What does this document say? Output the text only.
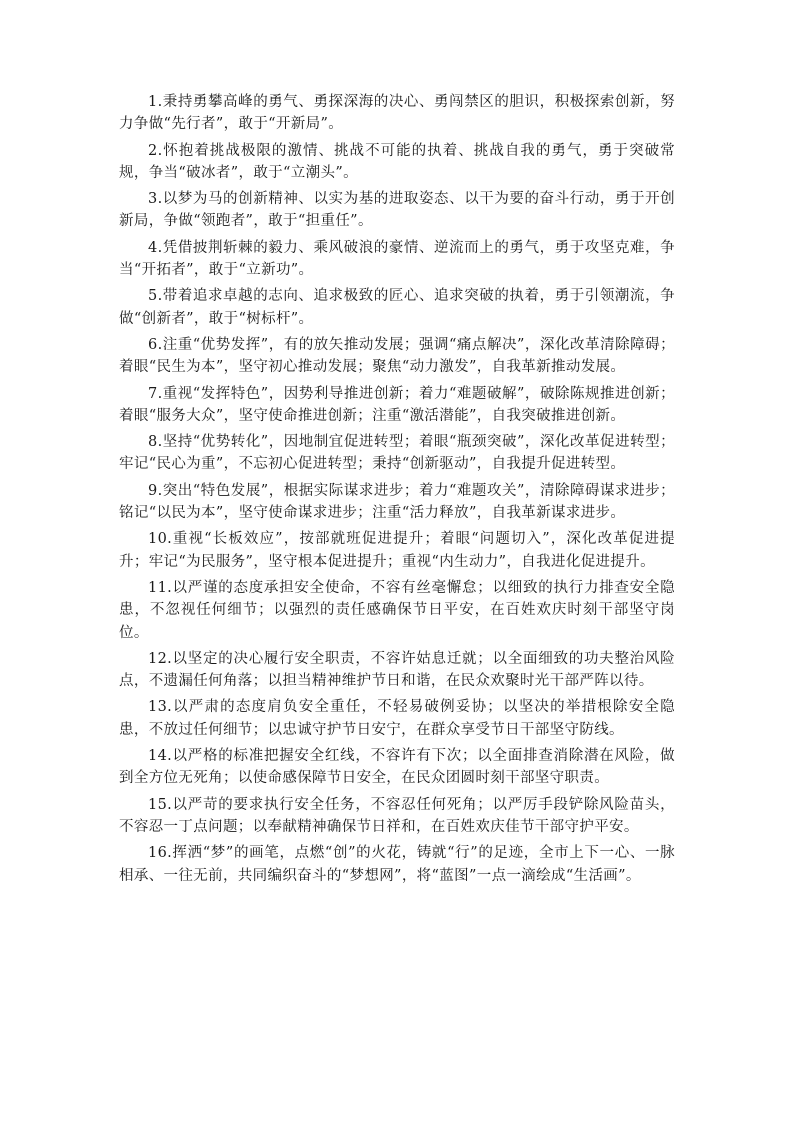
1.秉持勇攀高峰的勇气、勇探深海的决心、勇闯禁区的胆识，积极探索创新，努力争做“先行者”，敢于“开新局”。

2.怀抱着挑战极限的激情、挑战不可能的执着、挑战自我的勇气，勇于突破常规，争当“破冰者”，敢于“立潮头”。

3.以梦为马的创新精神、以实为基的进取姿态、以干为要的奋斗行动，勇于开创新局，争做“领跑者”，敢于“担重任”。

4.凭借披荆斩棘的毅力、乘风破浪的豪情、逆流而上的勇气，勇于攻坚克难，争当“开拓者”，敢于“立新功”。

5.带着追求卓越的志向、追求极致的匠心、追求突破的执着，勇于引领潮流，争做“创新者”，敢于“树标杆”。

6.注重“优势发挥”，有的放矢推动发展；强调“痛点解决”，深化改革清除障碍；着眼“民生为本”，坚守初心推动发展；聚焦“动力激发”，自我革新推动发展。

7.重视“发挥特色”，因势利导推进创新；着力“难题破解”，破除陈规推进创新；着眼“服务大众”，坚守使命推进创新；注重“激活潜能”，自我突破推进创新。

8.坚持“优势转化”，因地制宜促进转型；着眼“瓶颈突破”，深化改革促进转型；牢记“民心为重”，不忘初心促进转型；秉持“创新驱动”，自我提升促进转型。

9.突出“特色发展”，根据实际谋求进步；着力“难题攻关”，清除障碍谋求进步；铭记“以民为本”，坚守使命谋求进步；注重“活力释放”，自我革新谋求进步。

10.重视“长板效应”，按部就班促进提升；着眼“问题切入”，深化改革促进提升；牢记“为民服务”，坚守根本促进提升；重视“内生动力”，自我进化促进提升。

11.以严谨的态度承担安全使命，不容有丝毫懈怠；以细致的执行力排查安全隐患，不忽视任何细节；以强烈的责任感确保节日平安，在百姓欢庆时刻干部坚守岗位。

12.以坚定的决心履行安全职责，不容许姑息迁就；以全面细致的功夫整治风险点，不遗漏任何角落；以担当精神维护节日和谐，在民众欢聚时光干部严阵以待。

13.以严肃的态度肩负安全重任，不轻易破例妥协；以坚决的举措根除安全隐患，不放过任何细节；以忠诚守护节日安宁，在群众享受节日干部坚守防线。

14.以严格的标准把握安全红线，不容许有下次；以全面排查消除潜在风险，做到全方位无死角；以使命感保障节日安全，在民众团圆时刻干部坚守职责。

15.以严苛的要求执行安全任务，不容忍任何死角；以严厉手段铲除风险苗头，不容忍一丁点问题；以奉献精神确保节日祥和，在百姓欢庆佳节干部守护平安。

16.挥洒“梦”的画笔，点燃“创”的火花，铸就“行”的足迹，全市上下一心、一脉相承、一往无前，共同编织奋斗的“梦想网”，将“蓝图”一点一滴绘成“生活画”。
